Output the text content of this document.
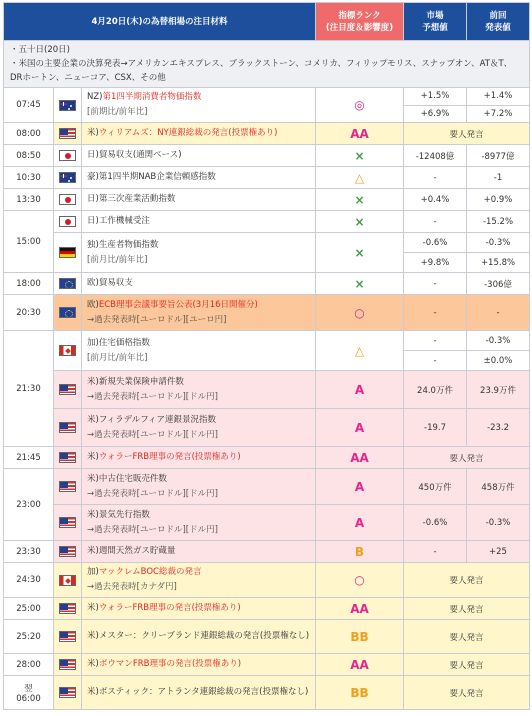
4月20日(木)の為替相場の注目材料			指標ランク
(注目度＆影響度)	市場
予想値	前回
発表値

・五十日(20日)
・米国の主要企業の決算発表→アメリカンエキスプレス、ブラックストーン、コメリカ、フィリップモリス、スナップオン、AT＆T、DRホートン、ニューコア、CSX、その他					

07:45		NZ)第1四半期消費者物価指数
[前期比/前年比]	◎	+1.5%	+1.4%
				+6.9%	+7.2%
08:00		米)ウィリアムズ：NY連銀総裁の発言(投票権あり)	AA	要人発言	
08:50		日)貿易収支(通関ベース)	×	-12408億	-8977億
10:30		豪)第1四半期NAB企業信頼感指数	△	-	-1
13:30		日)第三次産業活動指数	×	+0.4%	+0.9%
15:00		日)工作機械受注	×	-	-15.2%
		独)生産者物価指数
[前月比/前年比]	×	-0.6%	-0.3%
				+9.8%	+15.8%
18:00		欧)貿易収支	×	-	-306億
20:30		欧)ECB理事会議事要旨公表(3月16日開催分)
→過去発表時[ユーロドル][ユーロ円]	○	-	-
21:30		加)住宅価格指数
[前月比/前年比]	△	-	-0.3%
				-	±0.0%
		米)新規失業保険申請件数
→過去発表時[ユーロドル][ドル円]	A	24.0万件	23.9万件
		米)フィラデルフィア連銀景況指数
→過去発表時[ユーロドル][ドル円]	A	-19.7	-23.2
21:45		米)ウォラーFRB理事の発言(投票権あり)	AA	要人発言	
23:00		米)中古住宅販売件数
→過去発表時[ユーロドル][ドル円]	A	450万件	458万件
		米)景気先行指数
→過去発表時[ユーロドル][ドル円]	A	-0.6%	-0.3%
23:30		米)週間天然ガス貯蔵量	B	-	+25
24:30		加)マックレムBOC総裁の発言
→過去発表時[カナダ円]	○	要人発言	
25:00		米)ウォラーFRB理事の発言(投票権あり)	AA	要人発言	
25:20		米)メスター：クリーブランド連銀総裁の発言(投票権なし)	BB	要人発言	
28:00		米)ボウマンFRB理事の発言(投票権あり)	AA	要人発言	
翌
06:00		米)ボスティック：アトランタ連銀総裁の発言(投票権なし)	BB	要人発言	
